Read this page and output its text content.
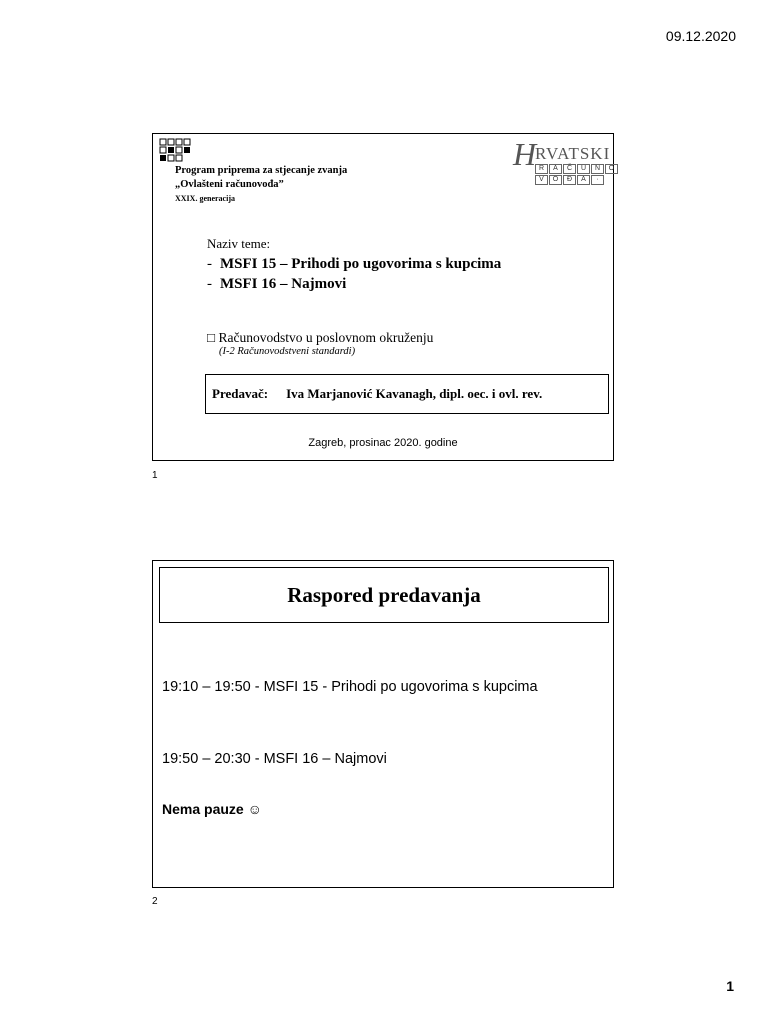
09.12.2020
Program priprema za stjecanje zvanja
„Ovlašteni računovođa”
XXIX. generacija
H
RVATSKI
R	A	Č	U	N	O
V	O	Đ	A	·
Naziv teme:
- MSFI 15 – Prihodi po ugovorima s kupcima
- MSFI 16 – Najmovi
□ Računovodstvo u poslovnom okruženju
(I-2 Računovodstveni standardi)
Predavač: Iva Marjanović Kavanagh, dipl. oec. i ovl. rev.
Zagreb, prosinac 2020. godine
1
Raspored predavanja
19:10 – 19:50 - MSFI 15 - Prihodi po ugovorima s kupcima
19:50 – 20:30 - MSFI 16 – Najmovi
Nema pauze ☺
2
1
